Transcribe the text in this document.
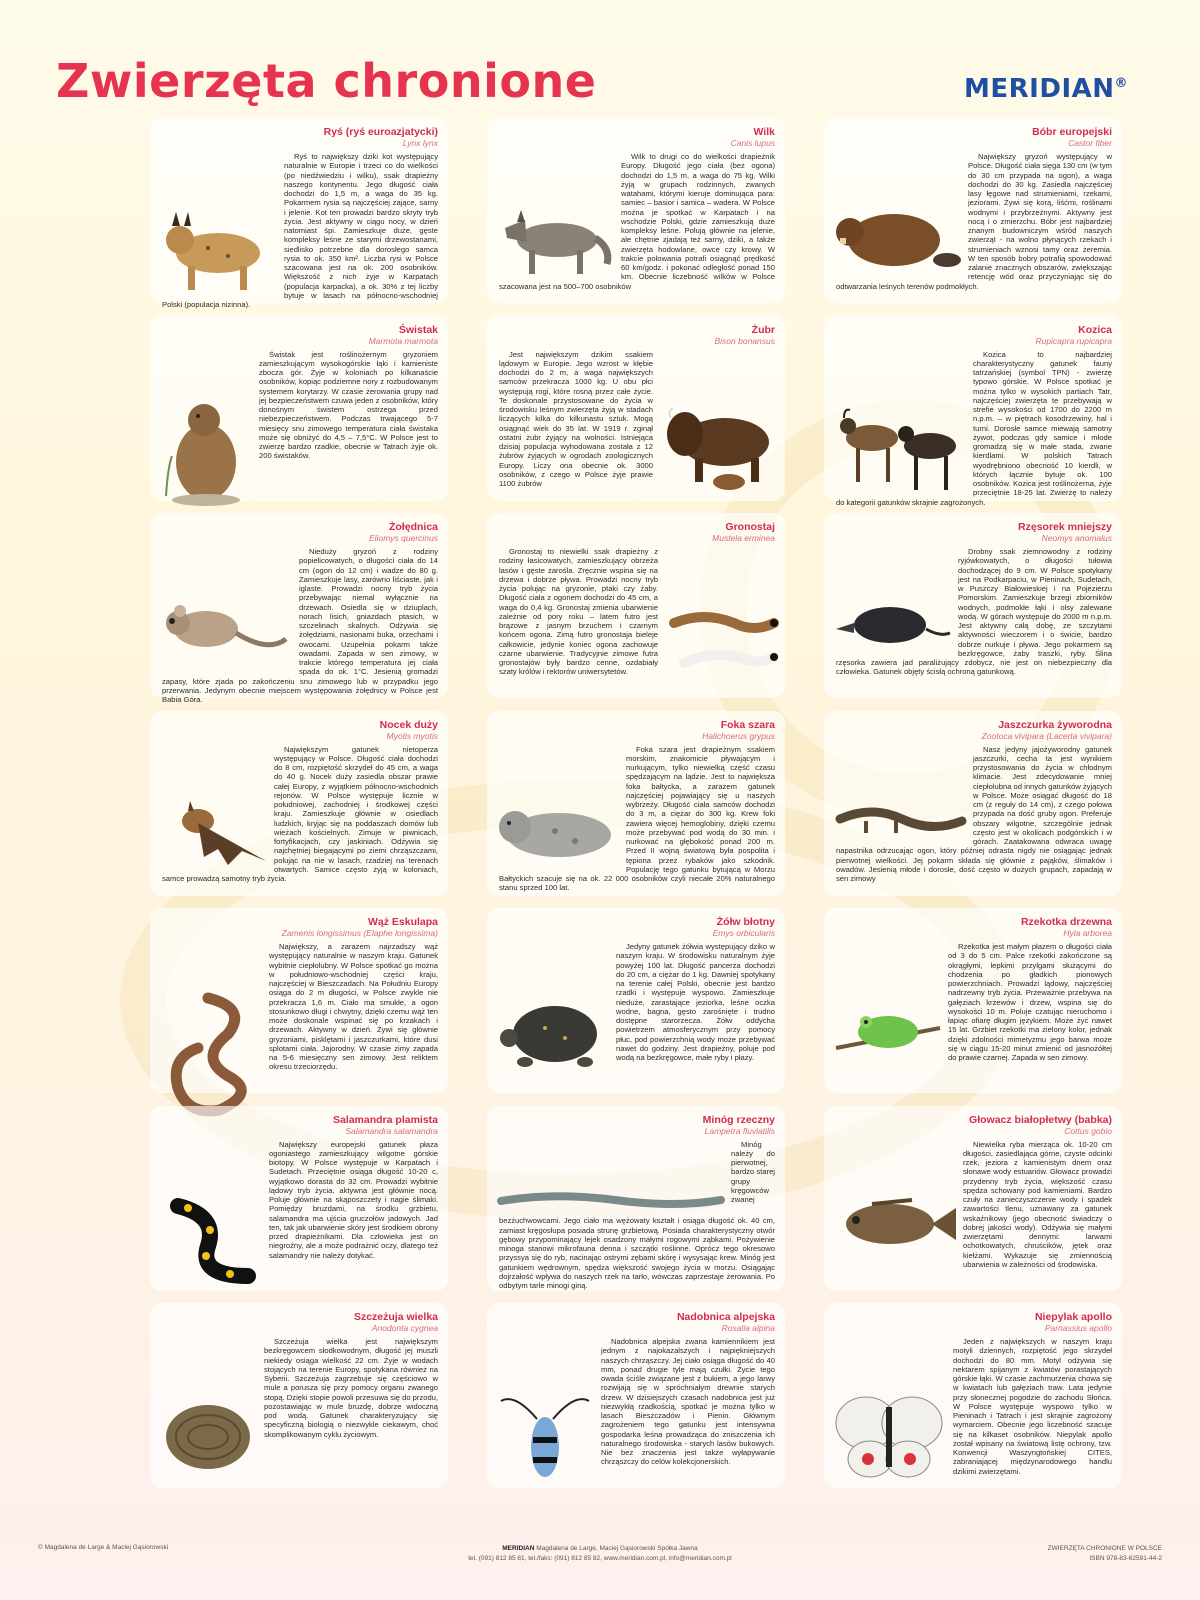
Zwierzęta chronione	MERIDIAN®
Ryś (ryś euroazjatycki)
Lynx lynx

Ryś to największy dziki kot występujący naturalnie w Europie i trzeci co do wielkości (po niedźwiedziu i wilku), ssak drapieżny naszego kontynentu. Jego długość ciała dochodzi do 1,5 m, a waga do 35 kg. Pokarmem rysia są najczęściej zające, sarny i jelenie. Kot ten prowadzi bardzo skryty tryb życia. Jest aktywny w ciągu nocy, w dzień natomiast śpi. Zamieszkuje duże, gęste kompleksy leśne ze starymi drzewostanami, siedlisko potrzebne dla dorosłego samca rysia to ok. 350 km². Liczba rysi w Polsce szacowana jest na ok. 200 osobników. Większość z nich żyje w Karpatach (populacja karpacka), a ok. 30% z tej liczby bytuje w lasach na północno-wschodniej Polski (populacja nizinna).

Wilk
Canis lupus

Wilk to drugi co do wielkości drapieżnik Europy. Długość jego ciała (bez ogona) dochodzi do 1,5 m, a waga do 75 kg. Wilki żyją w grupach rodzinnych, zwanych watahami, którymi kieruje dominująca para: samiec – basior i samica – wadera. W Polsce można je spotkać w Karpatach i na wschodzie Polski, gdzie zamieszkują duże kompleksy leśne. Polują głównie na jelenie, ale chętnie zjadają też sarny, dziki, a także zwierzęta hodowlane, owce czy krowy. W trakcie polowania potrafi osiągnąć prędkość 60 km/godz. i pokonać odległość ponad 150 km. Obecnie liczebność wilków w Polsce szacowana jest na 500–700 osobników

Bóbr europejski
Castor fiber

Największy gryzoń występujący w Polsce. Długość ciała sięga 130 cm (w tym do 30 cm przypada na ogon), a waga dochodzi do 30 kg. Zasiedla najczęściej lasy łęgowe nad strumieniami, rzekami, jeziorami. Żywi się korą, liśćmi, roślinami wodnymi i przybrzeżnymi. Aktywny jest nocą i o zmierzchu. Bóbr jest najbardziej znanym budowniczym wśród naszych zwierząt - na wolno płynących rzekach i strumieniach wznosi tamy oraz żeremia. W ten sposób bobry potrafią spowodować zalanie znacznych obszarów, zwiększając retencję wód oraz przyczyniając się do odtwarzania leśnych terenów podmokłych.

Świstak
Marmota marmota

Świstak jest roślinożernym gryzoniem zamieszkującym wysokogórskie łąki i kamieniste zbocza gór. Żyje w koloniach po kilkanaście osobników, kopiąc podziemne nory z rozbudowanym systemem korytarzy. W czasie żerowania grupy nad jej bezpieczeństwem czuwa jeden z osobników, który donośnym świstem ostrzega przed niebezpieczeństwem. Podczas trwającego 5-7 miesięcy snu zimowego temperatura ciała świstaka może się obniżyć do 4,5 – 7,5°C. W Polsce jest to zwierzę bardzo rzadkie, obecnie w Tatrach żyje ok. 200 świstaków.

Żubr
Bison bonansus

Jest największym dzikim ssakiem lądowym w Europie. Jego wzrost w kłębie dochodzi do 2 m, a waga największych samców przekracza 1000 kg. U obu płci występują rogi, które rosną przez całe życie. Te doskonale przystosowane do życia w środowisku leśnym zwierzęta żyją w stadach liczących kilka do kilkunastu sztuk. Mogą osiągnąć wiek do 35 lat. W 1919 r. zginął ostatni żubr żyjący na wolności. Istniejąca dzisiaj populacja wyhodowana została z 12 żubrów żyjących w ogrodach zoologicznych Europy. Liczy ona obecnie ok. 3000 osobników, z czego w Polsce żyje prawie 1100 żubrów

Kozica
Rupicapra rupicapra

Kozica to najbardziej charakterystyczny gatunek fauny tatrzańskiej (symbol TPN) - zwierzę typowo górskie. W Polsce spotkać je można tylko w wysokich partiach Tatr, najczęściej zwierzęta te przebywają w strefie wysokości od 1700 do 2200 m n.p.m. – w piętrach kosodrzewiny, hal i turni. Dorosłe samce miewają samotny żywot, podczas gdy samice i młode gromadzą się w małe stada, zwane kierdlami. W polskich Tatrach wyodrębniono obecność 10 kierdli, w których łącznie bytuje ok. 100 osobników. Kozica jest roślinożerna, żyje przeciętnie 18-25 lat. Zwierzę to należy do kategorii gatunków skrajnie zagrożonych.

Żołędnica
Eliomys quercinus

Niedużу gryzoń z rodziny popielicowatych, o długości ciała do 14 cm (ogon do 12 cm) i wadze do 80 g. Zamieszkuje lasy, zarówno liściaste, jak i iglaste. Prowadzi nocny tryb życia przebywając niemal wyłącznie na drzewach. Osiedla się w dziuplach, norach lisich, gniazdach ptasich, w szczelinach skalnych. Odżywia się żołędziami, nasionami buka, orzechami i owocami. Uzupełnia pokarm także owadami. Zapada w sen zimowy, w trakcie którego temperatura jej ciała spada do ok. 1°C. Jesienią gromadzi zapasy, które zjada po zakończeniu snu zimowego lub w przypadku jego przerwania. Jedynym obecnie miejscem występowania żołędnicy w Polsce jest Babia Góra.

Gronostaj
Mustela erminea

Gronostaj to niewielki ssak drapieżny z rodziny łasicowatych, zamieszkujący obrzeża lasów i gęste zarośla. Zręcznie wspina się na drzewa i dobrze pływa. Prowadzi nocny tryb życia polując na gryzonie, ptaki czy żaby. Długość ciała z ogonem dochodzi do 45 cm, a waga do 0,4 kg. Gronostaj zmienia ubarwienie zależnie od pory roku – latem futro jest brązowe z jasnym brzuchem i czarnym końcem ogona. Zimą futro gronostaja bieleje całkowicie, jedynie koniec ogona zachowuje czarne ubarwienie. Tradycyjnie zimowe futra gronostajów były bardzo cenne, ozdabiały szaty królów i rektorów uniwersytetów.

Rzęsorek mniejszy
Neomys anomalus

Drobny ssak ziemnowodny z rodziny ryjówkowatych, o długości tułowia dochodzącej do 9 cm. W Polsce spotykany jest na Podkarpaciu, w Pieninach, Sudetach, w Puszczy Białowieskiej i na Pojezierzu Pomorskim. Zamieszkuje brzegi zbiorników wodnych, podmokłe łąki i olsy zalewane wodą. W górach występuje do 2000 m n.p.m. Jest aktywny całą dobę, ze szczytami aktywności wieczorem i o świcie, bardzo dobrze nurkuje i pływa. Jego pokarmem są bezkręgowce, żaby traszki, ryby. Ślina rzęsorka zawiera jad paraliżujący zdobycz, nie jest on niebezpieczny dla człowieka. Gatunek objęty ścisłą ochroną gatunkową.

Nocek duży
Myotis myotis

Największym gatunek nietoperza występujący w Polsce. Długość ciała dochodzi do 8 cm, rozpiętość skrzydeł do 45 cm, a waga do 40 g. Nocek duży zasiedla obszar prawie całej Europy, z wyjątkiem północno-wschodnich rejonów. W Polsce występuje licznie w południowej, zachodniej i środkowej części kraju. Zamieszkuje głównie w osiedlach ludzkich, kryjąc się na poddaszach domów lub wieżach kościelnych. Zimuje w piwnicach, fortyfikacjach, czy jaskiniach. Odżywia się najchętniej biegającymi po ziemi chrząszczami, polując na nie w lasach, rzadziej na terenach otwartych. Samice często żyją w koloniach, samce prowadzą samotny tryb życia.

Foka szara
Halichoerus grypus

Foka szara jest drapieżnym ssakiem morskim, znakomicie pływającym i nurkującym, tylko niewielką część czasu spędzającym na lądzie. Jest to największa foka bałtycka, a zarazem gatunek najczęściej pojawiający się u naszych wybrzeży. Długość ciała samców dochodzi do 3 m, a ciężar do 300 kg. Krew foki zawiera więcej hemoglobiny, dzięki czemu może przebywać pod wodą do 30 min. i nurkować na głębokość ponad 200 m. Przed II wojną światową była pospolita i tępiona przez rybaków jako szkodnik. Populację tego gatunku bytującą w Morzu Bałtyckich szacuje się na ok. 22 000 osobników czyli niecałe 20% naturalnego stanu sprzed 100 lat.

Jaszczurka żyworodna
Zootoca vivipara (Lacerta vivipara)

Nasz jedyny jajożyworodny gatunek jaszczurki, cecha ta jest wynikiem przystosowania do życia w chłodnym klimacie. Jest zdecydowanie mniej ciepłolubna od innych gatunków żyjących w Polsce. Może osiągać długość do 18 cm (z reguły do 14 cm), z czego połowa przypada na dość gruby ogon. Preferuje obszary wilgotne, szczególnie jednak często jest w okolicach podgórskich i w górach. Zaatakowana odwraca uwagę napastnika odrzucając ogon, który później odrasta nigdy nie osiągając jednak pierwotnej wielkości. Jej pokarm składa się głównie z pająków, ślimaków i owadów. Jesienią młode i dorosłe, dość często w dużych grupach, zapadają w sen zimowy

Wąż Eskulapa
Zamenis longissimus (Elaphe longissima)

Największy, a zarazem najrzadszy wąż występujący naturalnie w naszym kraju. Gatunek wybitnie ciepłolubny. W Polsce spotkać go można w południowo-wschodniej części kraju, najczęściej w Bieszczadach. Na Południu Europy osiąga do 2 m długości, w Polsce zwykle nie przekracza 1,6 m. Ciało ma smukłe, a ogon stosunkowo długi i chwytny, dzięki czemu wąż ten może doskonale wspinać się po krzakach i drzewach. Aktywny w dzień. Żywi się głównie gryzoniami, pisklętami i jaszczurkami, które dusi splotami ciała. Jajorodny. W czasie zimy zapada na 5-6 miesięczny sen zimowy. Jest reliktem okresu trzeciorzędu.

Żółw błotny
Emys orbicularis

Jedyny gatunek żółwia występujący dziko w naszym kraju. W środowisku naturalnym żyje powyżej 100 lat. Długość pancerza dochodzi do 20 cm, a ciężar do 1 kg. Dawniej spotykany na terenie całej Polski, obecnie jest bardzo rzadki i występuje wyspowo. Zamieszkuje nieduże, zarastające jeziorka, leśne oczka wodne, bagna, gęsto zarośnięte i trudno dostępne starorzecza. Żółw oddycha powietrzem atmosferycznym przy pomocy płuc, pod powierzchnią wody może przebywać nawet do godziny. Jest drapieżny, poluje pod wodą na bezkręgowce, małe ryby i płazy.

Rzekotka drzewna
Hyla arborea

Rzekotka jest małym płazem o długości ciała od 3 do 5 cm. Palce rzekotki zakończone są okrągłymi, lepkimi przylgami służącymi do chodzenia po gładkich pionowych powierzchniach. Prowadzi lądowy, najczęściej nadrzewny tryb życia. Przeważnie przebywa na gałęziach krzewów i drzew, wspina się do wysokości 10 m. Poluje czatując nieruchomo i łapiąc ofiarę długim językiem. Może żyć nawet 15 lat. Grzbiet rzekotki ma zielony kolor, jednak dzięki zdolności mimetyzmu jego barwa może się w ciągu 15-20 minut zmienić od jasnożółtej do prawie czarnej. Zapada w sen zimowy.

Salamandra plamista
Salamandra salamandra

Największy europejski gatunek płaza ogoniastego zamieszkujący wilgotne górskie biotopy. W Polsce występuje w Karpatach i Sudetach. Przeciętnie osiąga długość 10-20 c, wyjątkowo dorasta do 32 cm. Prowadzi wybitnie lądowy tryb życia, aktywna jest głównie nocą. Poluje głównie na skąposzczety i nagie ślimaki. Pomiędzy bruzdami, na środku grzbietu, salamandra ma ujścia gruczołów jadowych. Jad ten, tak jak ubarwienie skóry jest środkiem obrony przed drapieżnikami. Dla człowieka jest on niegroźny, ale a może podrażnić oczy, dlatego też salamandry nie należy dotykać.

Minóg rzeczny
Lampetra fluviatilis

Minóg należy do pierwotnej, bardzo starej grupy kręgowców zwanej bezżuchwowcami. Jego ciało ma wężowaty kształt i osiąga długość ok. 40 cm, zamiast kręgosłupa posiada strunę grzbietową. Posiada charakterystyczny otwór gębowy przypominający lejek osadzony małymi rogowymi ząbkami. Pożywienie minoga stanowi mikrofauna denna i szczątki roślinne. Oprócz tego okresowo przyssya się do ryb, nacinając ostrymi zębami skórę i wysysając krew. Minóg jest gatunkiem wędrownym, spędza większość swojego życia w morzu. Osiągając dojrzałość wpływa do naszych rzek na tarło, wówczas zaprzestaje żerowania. Po odbytym tarle minogi giną.

Głowacz białopłetwy (babka)
Cottus gobio

Niewielka ryba mierząca ok. 10-20 cm długości, zasiedlająca górne, czyste odcinki rzek, jeziora z kamienistym dnem oraz słonawe wody estuariów. Głowacz prowadzi przydenny tryb życia, większość czasu spędza schowany pod kamieniami. Bardzo czuły na zanieczyszczenie wody i spadek zawartości tlenu, uznawany za gatunek wskaźnikowy (jego obecność świadczy o dobrej jakości wody). Odżywia się małymi zwierzętami dennymi: larwami ochotkowatych, chruścików, jętek oraz kiełżami. Wykazuje się zmiennością ubarwienia w zależności od środowiska.

Szczeżuja wielka
Anodonta cygnea

Szczeżuja wielka jest największym bezkręgowcem słodkowodnym, długość jej muszli niekiedy osiąga wielkość 22 cm. Żyje w wodach stojących na terenie Europy, spotykana również na Syberii. Szczeżuja zagrzebuje się częściowo w mule a porusza się przy pomocy organu zwanego stopą. Dzięki stopie powoli przesuwa się do przodu, pozostawiając w mule bruzdę, dobrze widoczną pod wodą. Gatunek charakteryzujący się specyficzną biologią o niezwykle ciekawym, choć skomplikowanym cyklu życiowym.

Nadobnica alpejska
Rosalia alpina

Nadobnica alpejska zwana kamiennikiem jest jednym z najokazalszych i najpiękniejszych naszych chrząszczy. Jej ciało osiąga długość do 40 mm, ponad drugie tyle mają czułki. Życie tego owada ściśle związane jest z bukiem, a jego larwy rozwijają się w spróchniałym drewnie starych drzew. W dzisiejszych czasach nadobnica jest już niezwykłą rzadkością, spotkać je można tylko w lasach Bieszczadów i Pienin. Głównym zagrożeniem tego gatunku jest intensywna gospodarka leśna prowadząca do zniszczenia ich naturalnego środowiska - starych lasów bukowych. Nie bez znaczenia jest także wyłapywanie chrząszczy do celów kolekcjonerskich.

Niepylak apollo
Parnassius apollo

Jeden z największych w naszym kraju motyli dziennych, rozpiętość jego skrzydeł dochodzi do 80 mm. Motyl odżywia się nektarem spijanym z kwiatów porastających górskie łąki. W czasie zachmurzenia chowa się w kwiatach lub gałęziach traw. Lata jedynie przy słonecznej pogodzie do zachodu Słońca. W Polsce występuje wyspowo tylko w Pieninach i Tatrach i jest skrajnie zagrożony wymarciem. Obecnie jego liczebność szacuje się na kilkaset osobników. Niepylak apollo został wpisany na światową listę ochrony, tzw. Konwencji Waszyngtońskiej CITES, zabraniającej międzynarodowego handlu dzikimi zwierzętami.

© Magdalena de Large & Maciej Gąsiorowski	MERIDIAN Magdalena de Large, Maciej Gąsiorowski Spółka Jawna
tel. (091) 812 85 81, tel./faks: (091) 812 85 82, www.meridian.com.pl, info@meridian.com.pl
ZWIERZĘTA CHRONIONE W POLSCE
ISBN 978-83-62591-44-2
